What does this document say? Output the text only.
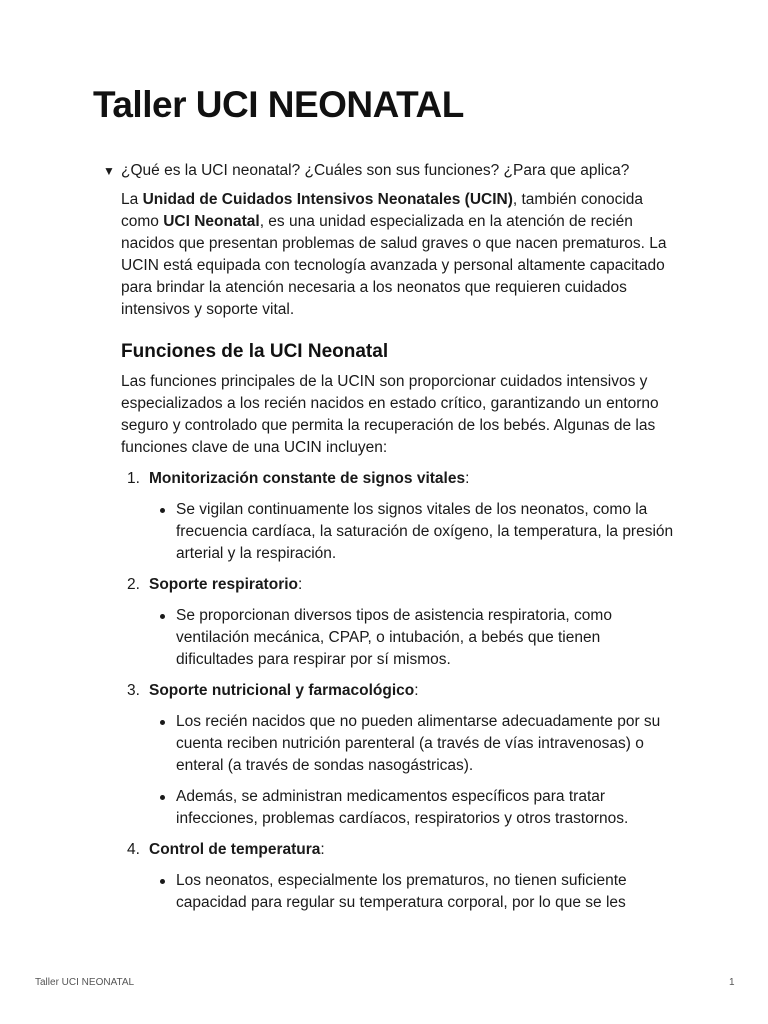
Taller UCI NEONATAL
▼ ¿Qué es la UCI neonatal? ¿Cuáles son sus funciones? ¿Para que aplica?

La Unidad de Cuidados Intensivos Neonatales (UCIN), también conocida como UCI Neonatal, es una unidad especializada en la atención de recién nacidos que presentan problemas de salud graves o que nacen prematuros. La UCIN está equipada con tecnología avanzada y personal altamente capacitado para brindar la atención necesaria a los neonatos que requieren cuidados intensivos y soporte vital.

Funciones de la UCI Neonatal

Las funciones principales de la UCIN son proporcionar cuidados intensivos y especializados a los recién nacidos en estado crítico, garantizando un entorno seguro y controlado que permita la recuperación de los bebés. Algunas de las funciones clave de una UCIN incluyen:

1. Monitorización constante de signos vitales:
Se vigilan continuamente los signos vitales de los neonatos, como la frecuencia cardíaca, la saturación de oxígeno, la temperatura, la presión arterial y la respiración.
2. Soporte respiratorio:
Se proporcionan diversos tipos de asistencia respiratoria, como ventilación mecánica, CPAP, o intubación, a bebés que tienen dificultades para respirar por sí mismos.
3. Soporte nutricional y farmacológico:
Los recién nacidos que no pueden alimentarse adecuadamente por su cuenta reciben nutrición parenteral (a través de vías intravenosas) o enteral (a través de sondas nasogástricas).
Además, se administran medicamentos específicos para tratar infecciones, problemas cardíacos, respiratorios y otros trastornos.
4. Control de temperatura:
Los neonatos, especialmente los prematuros, no tienen suficiente capacidad para regular su temperatura corporal, por lo que se les
Taller UCI NEONATAL	1
